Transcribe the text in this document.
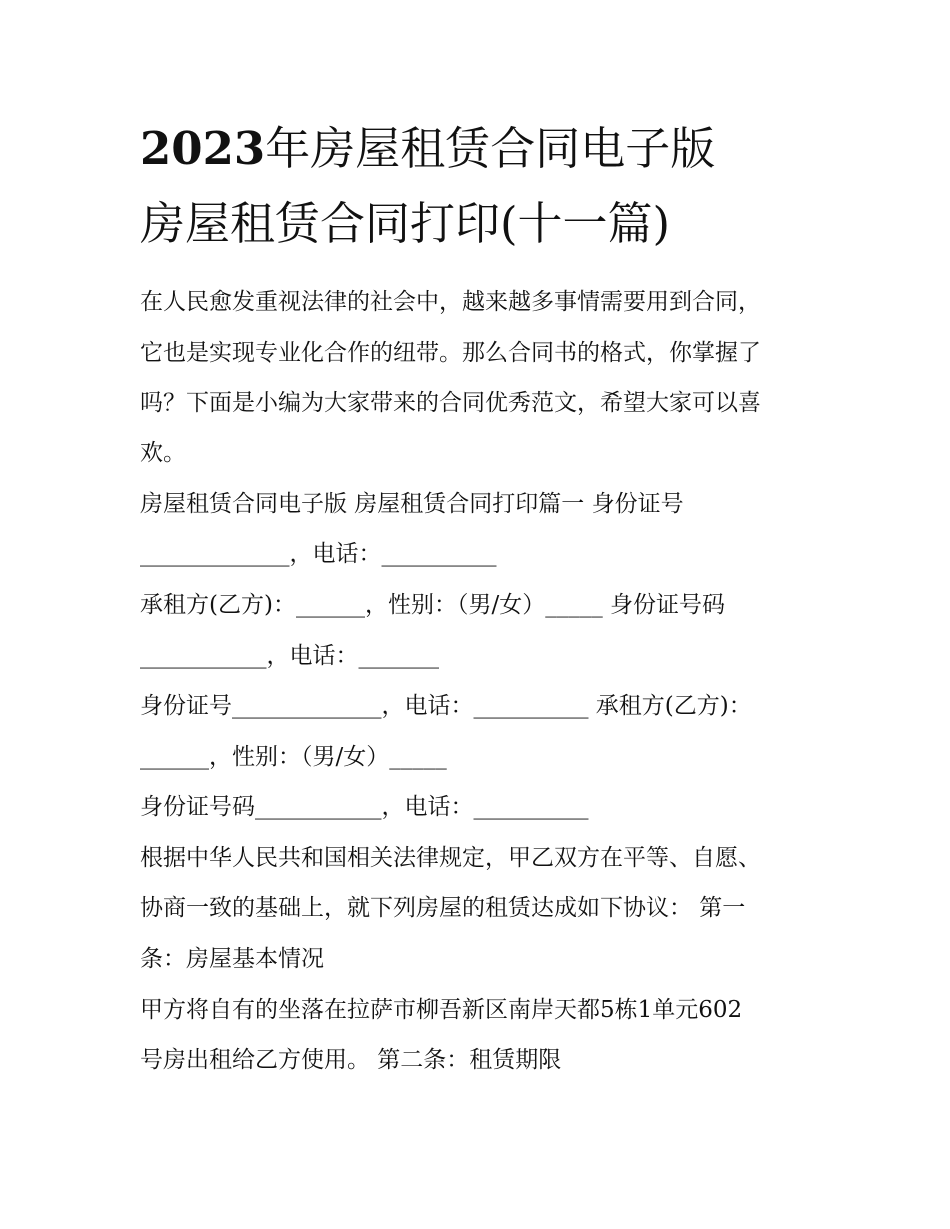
2023年房屋租赁合同电子版
房屋租赁合同打印(十一篇)
在人民愈发重视法律的社会中，越来越多事情需要用到合同，
它也是实现专业化合作的纽带。那么合同书的格式，你掌握了
吗？下面是小编为大家带来的合同优秀范文，希望大家可以喜
欢。
房屋租赁合同电子版 房屋租赁合同打印篇一 身份证号
_____________，电话：__________
承租方(乙方)：______，性别：（男/女）_____ 身份证号码
___________，电话：_______
身份证号_____________，电话：__________ 承租方(乙方)：
______，性别：（男/女）_____
身份证号码___________，电话：__________
根据中华人民共和国相关法律规定，甲乙双方在平等、自愿、
协商一致的基础上，就下列房屋的租赁达成如下协议： 第一
条：房屋基本情况
甲方将自有的坐落在拉萨市柳吾新区南岸天都5栋1单元602
号房出租给乙方使用。 第二条：租赁期限
